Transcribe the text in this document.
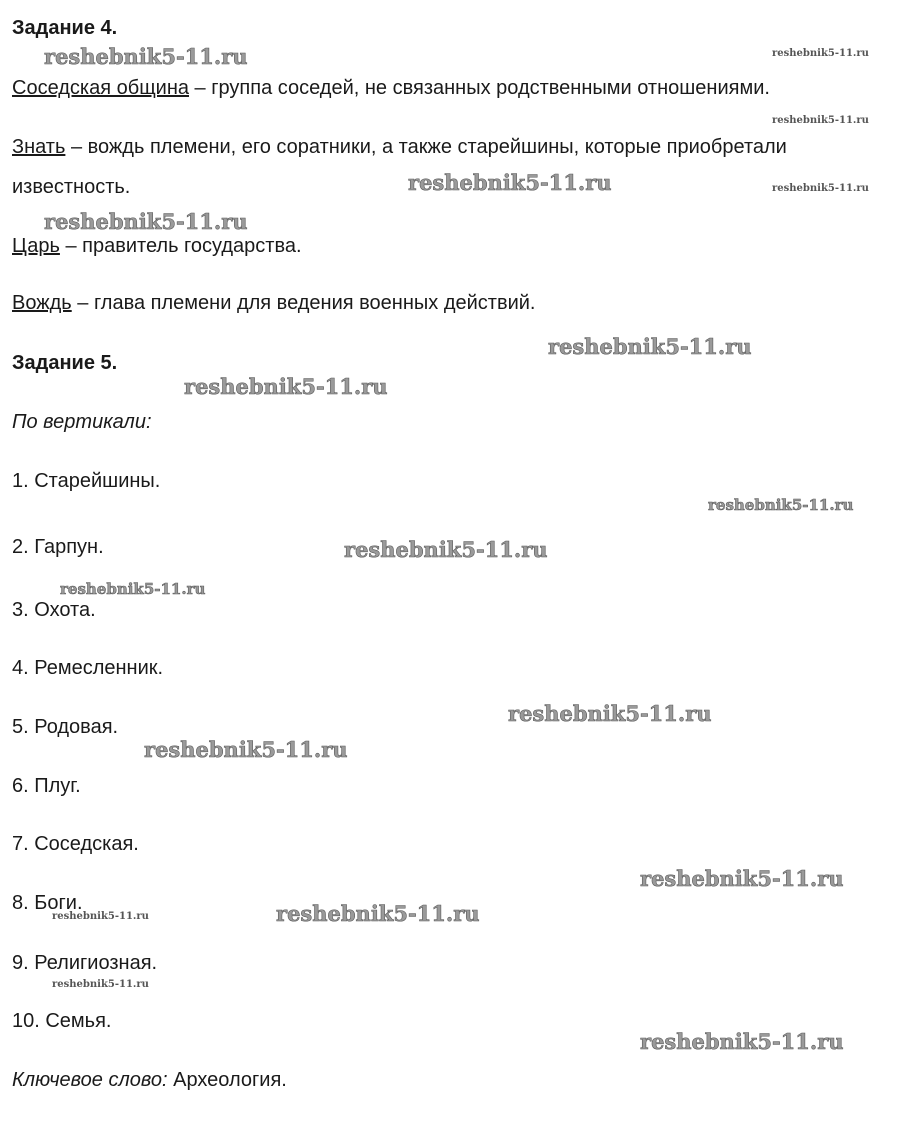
Задание 4.
Соседская община – группа соседей, не связанных родственными отношениями.
Знать – вождь племени, его соратники, а также старейшины, которые приобретали
известность.
Царь – правитель государства.
Вождь – глава племени для ведения военных действий.
Задание 5.
По вертикали:
1. Старейшины.
2. Гарпун.
3. Охота.
4. Ремесленник.
5. Родовая.
6. Плуг.
7. Соседская.
8. Боги.
9. Религиозная.
10. Семья.
Ключевое слово: Археология.
reshebnik5-11.ru	reshebnik5-11.ru
reshebnik5-11.ru
reshebnik5-11.ru	reshebnik5-11.ru
reshebnik5-11.ru
reshebnik5-11.ru
reshebnik5-11.ru
reshebnik5-11.ru
reshebnik5-11.ru
reshebnik5-11.ru
reshebnik5-11.ru
reshebnik5-11.ru
reshebnik5-11.ru
reshebnik5-11.ru
reshebnik5-11.ru
reshebnik5-11.ru
reshebnik5-11.ru
